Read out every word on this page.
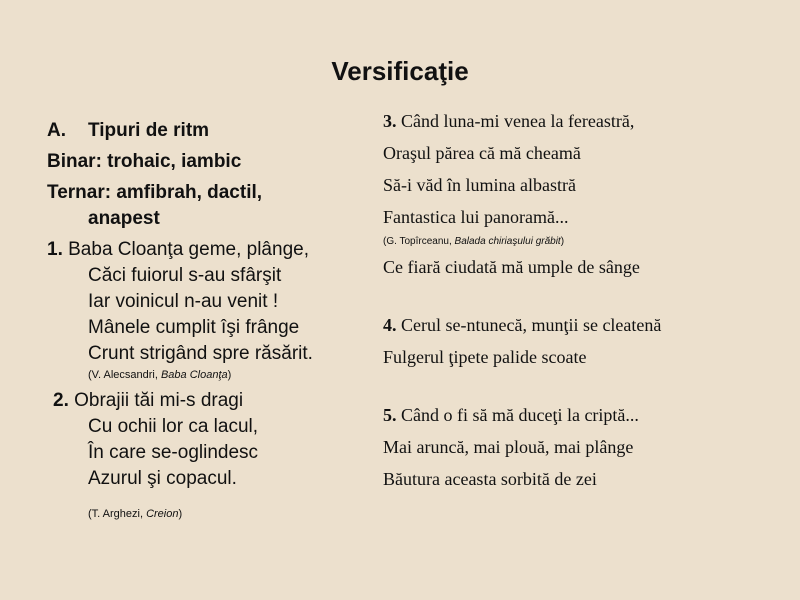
Versificaţie
A. Tipuri de ritm
Binar: trohaic, iambic
Ternar: amfibrah, dactil,
anapest
1. Baba Cloanţa geme, plânge,
Căci fuiorul s-au sfârşit
Iar voinicul n-au venit !
Mânele cumplit îşi frânge
Crunt strigând spre răsărit.
(V. Alecsandri, Baba Cloanţa)
2. Obrajii tăi mi-s dragi
Cu ochii lor ca lacul,
În care se-oglindesc
Azurul şi copacul.
(T. Arghezi, Creion)
3. Când luna-mi venea la fereastră,
Oraşul părea că mă cheamă
Să-i văd în lumina albastră
Fantastica lui panoramă...
(G. Topîrceanu, Balada chiriaşului grăbit)
Ce fiară ciudată mă umple de sânge
4. Cerul se-ntunecă, munţii se cleatenă
Fulgerul ţipete palide scoate
5. Când o fi să mă duceţi la criptă...
Mai aruncă, mai plouă, mai plânge
Băutura aceasta sorbită de zei
